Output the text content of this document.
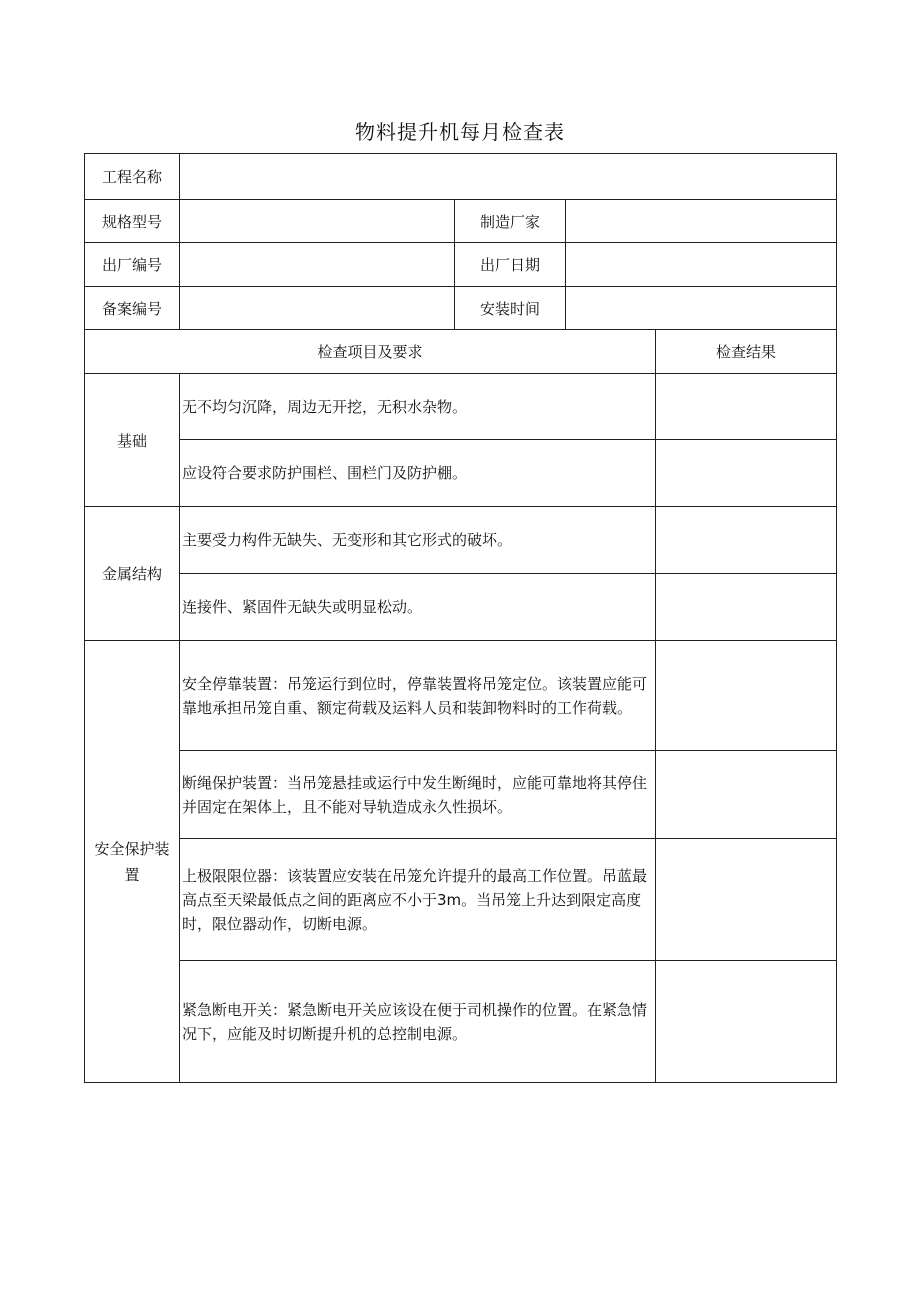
物料提升机每月检查表
工程名称				
规格型号		制造厂家		
出厂编号		出厂日期		
备案编号		安装时间		
检查项目及要求				检查结果
基础	无不均匀沉降，周边无开挖，无积水杂物。			
	应设符合要求防护围栏、围栏门及防护棚。			
金属结构	主要受力构件无缺失、无变形和其它形式的破坏。			
	连接件、紧固件无缺失或明显松动。			
安全保护装置	安全停靠装置：吊笼运行到位时，停靠装置将吊笼定位。该装置应能可靠地承担吊笼自重、额定荷载及运料人员和装卸物料时的工作荷载。			
	断绳保护装置：当吊笼悬挂或运行中发生断绳时，应能可靠地将其停住并固定在架体上，且不能对导轨造成永久性损坏。			
	上极限限位器：该装置应安装在吊笼允许提升的最高工作位置。吊蓝最高点至天梁最低点之间的距离应不小于3m。当吊笼上升达到限定高度时，限位器动作，切断电源。			
	紧急断电开关：紧急断电开关应该设在便于司机操作的位置。在紧急情况下，应能及时切断提升机的总控制电源。			
